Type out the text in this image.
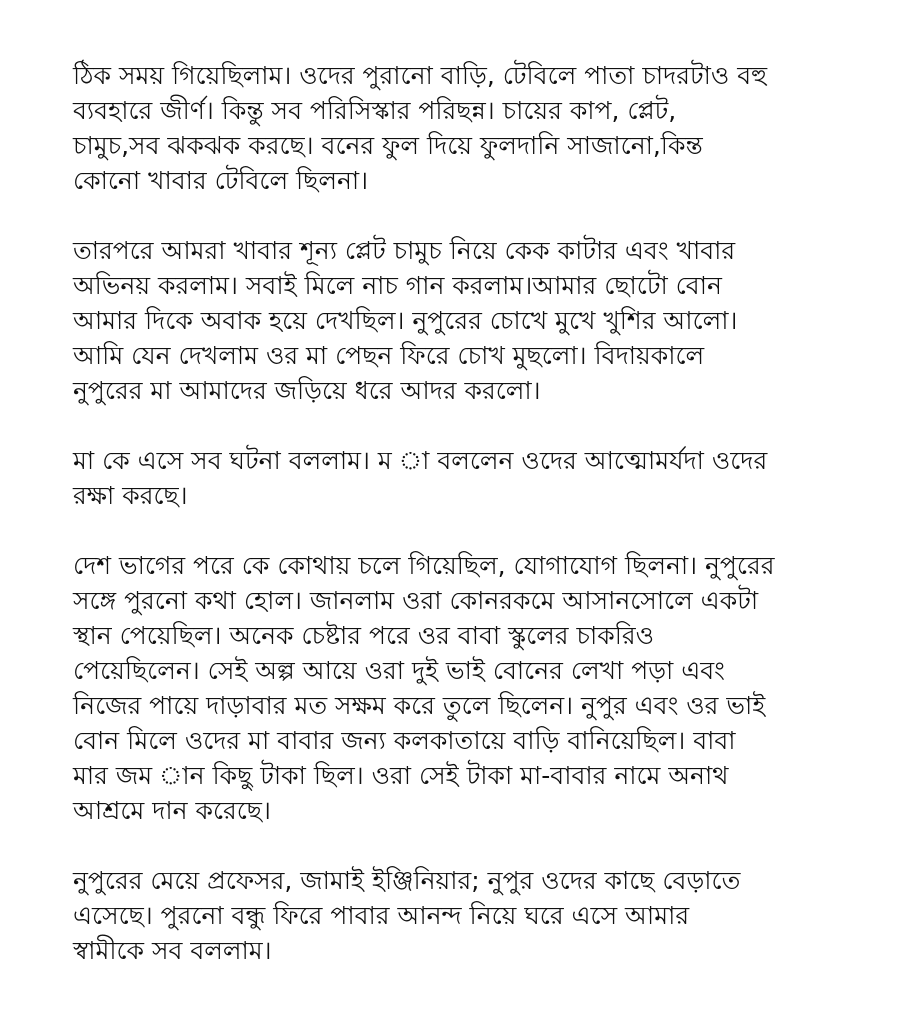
ঠিক সময় গিয়েছিলাম। ওদের পুরানো বাড়ি, টেবিলে পাতা চাদরটাও বহু
ব্যবহারে জীর্ণ। কিন্তু সব পরিসিস্কার পরিছন্ন। চায়ের কাপ, প্লেট,
চামুচ,সব ঝকঝক করছে। বনের ফুল দিয়ে ফুলদানি সাজানো,কিন্ত
কোনো খাবার টেবিলে ছিলনা।
তারপরে আমরা খাবার শূন্য প্লেট চামুচ নিয়ে কেক কাটার এবং খাবার
অভিনয় করলাম। সবাই মিলে নাচ গান করলাম।আমার ছোটো বোন
আমার দিকে অবাক হয়ে দেখছিল। নুপুরের চোখে মুখে খুশির আলো।
আমি যেন দেখলাম ওর মা পেছন ফিরে চোখ মুছলো। বিদায়কালে
নুপুরের মা আমাদের জড়িয়ে ধরে আদর করলো।
মা কে এসে সব ঘটনা বললাম। ম া বললেন ওদের আত্মোমর্যদা ওদের
রক্ষা করছে।
দেশ ভাগের পরে কে কোথায় চলে গিয়েছিল, যোগাযোগ ছিলনা। নুপুরের
সঙ্গে পুরনো কথা হোল। জানলাম ওরা কোনরকমে আসানসোলে একটা
স্থান পেয়েছিল। অনেক চেষ্টার পরে ওর বাবা স্কুলের চাকরিও
পেয়েছিলেন। সেই অল্প আয়ে ওরা দুই ভাই বোনের লেখা পড়া এবং
নিজের পায়ে দাড়াবার মত সক্ষম করে তুলে ছিলেন। নুপুর এবং ওর ভাই
বোন মিলে ওদের মা বাবার জন্য কলকাতায়ে বাড়ি বানিয়েছিল। বাবা
মার জম ান কিছু টাকা ছিল। ওরা সেই টাকা মা-বাবার নামে অনাথ
আশ্রমে দান করেছে।
নুপুরের মেয়ে প্রফেসর, জামাই ইঞ্জিনিয়ার; নুপুর ওদের কাছে বেড়াতে
এসেছে। পুরনো বন্ধু ফিরে পাবার আনন্দ নিয়ে ঘরে এসে আমার
স্বামীকে সব বললাম।
